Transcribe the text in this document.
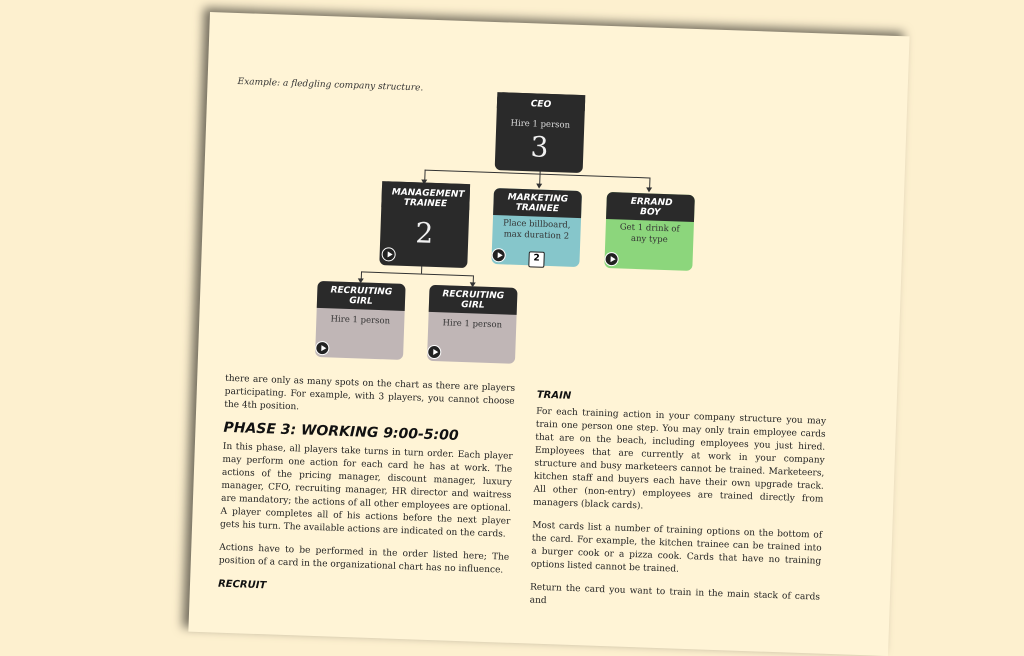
Example: a fledgling company structure.
CEO
Hire 1 person
3
MANAGEMENT TRAINEE
2
MARKETING TRAINEE
Place billboard, max duration 2
2
ERRAND BOY
Get 1 drink of any type
RECRUITING GIRL
Hire 1 person
RECRUITING GIRL
Hire 1 person

there are only as many spots on the chart as there are players participating. For example, with 3 players, you cannot choose the 4th position.

PHASE 3: WORKING 9:00-5:00

In this phase, all players take turns in turn order. Each player may perform one action for each card he has at work. The actions of the pricing manager, discount manager, luxury manager, CFO, recruiting manager, HR director and waitress are mandatory; the actions of all other employees are optional. A player completes all of his actions before the next player gets his turn. The available actions are indicated on the cards.

Actions have to be performed in the order listed here; The position of a card in the organizational chart has no influence.

RECRUIT
TRAIN

For each training action in your company structure you may train one person one step. You may only train employee cards that are on the beach, including employees you just hired. Employees that are currently at work in your company structure and busy marketeers cannot be trained. Marketeers, kitchen staff and buyers each have their own upgrade track. All other (non-entry) employees are trained directly from managers (black cards).

Most cards list a number of training options on the bottom of the card. For example, the kitchen trainee can be trained into a burger cook or a pizza cook. Cards that have no training options listed cannot be trained.

Return the card you want to train in the main stack of cards and
